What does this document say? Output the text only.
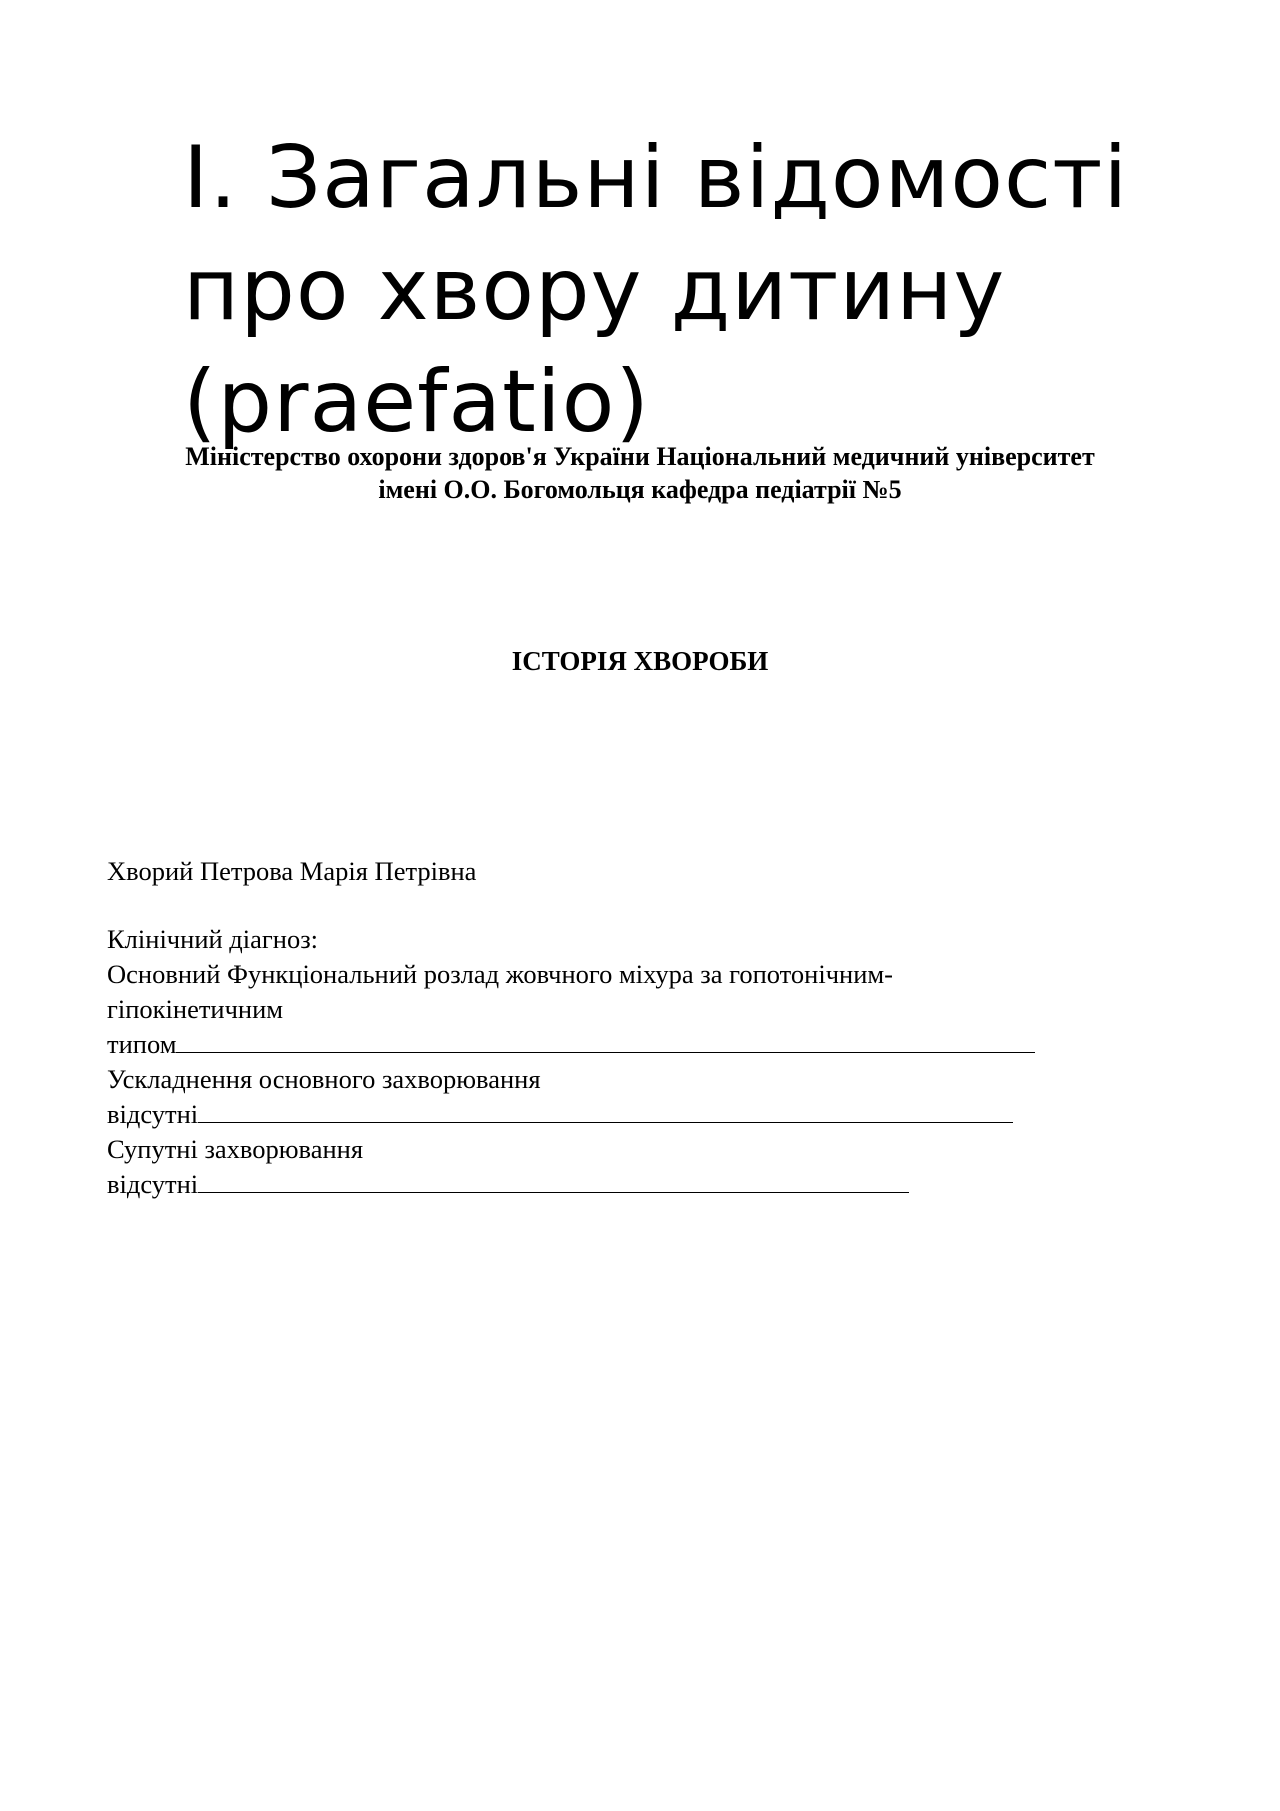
І. Загальні відомості
про хвору дитину
(praefatio)
Міністерство охорони здоров'я України Національний медичний університет
імені О.О. Богомольця кафедра педіатрії №5
ІСТОРІЯ ХВОРОБИ
Хворий Петрова Марія Петрівна
Клінічний діагноз:
Основний Функціональний розлад жовчного міхура за гопотонічним-
гіпокінетичним
типом
Ускладнення основного захворювання
відсутні
Супутні захворювання
відсутні
